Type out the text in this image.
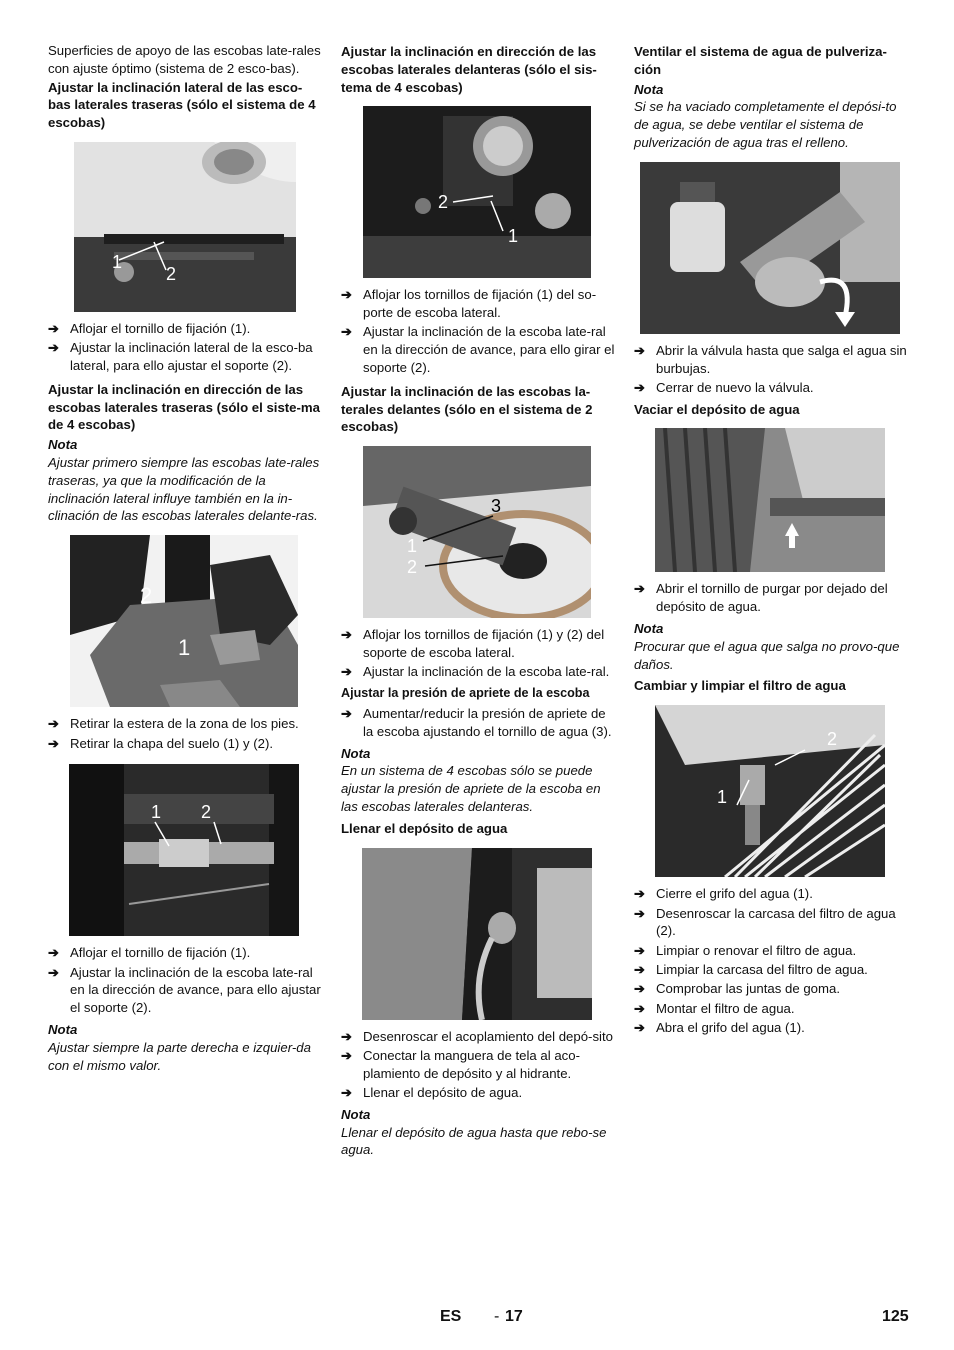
Superficies de apoyo de las escobas late-rales con ajuste óptimo (sistema de 2 esco-bas).
Ajustar la inclinación lateral de las esco-bas laterales traseras (sólo el sistema de 4 escobas)
1
2
➔ Aflojar el tornillo de fijación (1).
➔ Ajustar la inclinación lateral de la esco-ba lateral, para ello ajustar el soporte (2).
Ajustar la inclinación en dirección de las escobas laterales traseras (sólo el siste-ma de 4 escobas)
Nota
Ajustar primero siempre las escobas late-rales traseras, ya que la modificación de la inclinación lateral influye también en la in-clinación de las escobas laterales delante-ras.
2
1
➔ Retirar la estera de la zona de los pies.
➔ Retirar la chapa del suelo (1) y (2).
1 2
➔ Aflojar el tornillo de fijación (1).
➔ Ajustar la inclinación de la escoba late-ral en la dirección de avance, para ello ajustar el soporte (2).
Nota
Ajustar siempre la parte derecha e izquier-da con el mismo valor.
Ajustar la inclinación en dirección de las escobas laterales delanteras (sólo el sis-tema de 4 escobas)
2
1
➔ Aflojar los tornillos de fijación (1) del so-porte de escoba lateral.
➔ Ajustar la inclinación de la escoba late-ral en la dirección de avance, para ello girar el soporte (2).
Ajustar la inclinación de las escobas la-terales delantes (sólo en el sistema de 2 escobas)
3
1
2
➔ Aflojar los tornillos de fijación (1) y (2) del soporte de escoba lateral.
➔ Ajustar la inclinación de la escoba late-ral.
Ajustar la presión de apriete de la escoba
➔ Aumentar/reducir la presión de apriete de la escoba ajustando el tornillo de agua (3).
Nota
En un sistema de 4 escobas sólo se puede ajustar la presión de apriete de la escoba en las escobas laterales delanteras.
Llenar el depósito de agua
➔ Desenroscar el acoplamiento del depó-sito
➔ Conectar la manguera de tela al aco-plamiento de depósito y al hidrante.
➔ Llenar el depósito de agua.
Nota
Llenar el depósito de agua hasta que rebo-se agua.
Ventilar el sistema de agua de pulveriza-ción
Nota
Si se ha vaciado completamente el depósi-to de agua, se debe ventilar el sistema de pulverización de agua tras el relleno.
➔ Abrir la válvula hasta que salga el agua sin burbujas.
➔ Cerrar de nuevo la válvula.
Vaciar el depósito de agua
➔ Abrir el tornillo de purgar por dejado del depósito de agua.
Nota
Procurar que el agua que salga no provo-que daños.
Cambiar y limpiar el filtro de agua
2
1
➔ Cierre el grifo del agua (1).
➔ Desenroscar la carcasa del filtro de agua (2).
➔ Limpiar o renovar el filtro de agua.
➔ Limpiar la carcasa del filtro de agua.
➔ Comprobar las juntas de goma.
➔ Montar el filtro de agua.
➔ Abra el grifo del agua (1).
ES - 17	125
